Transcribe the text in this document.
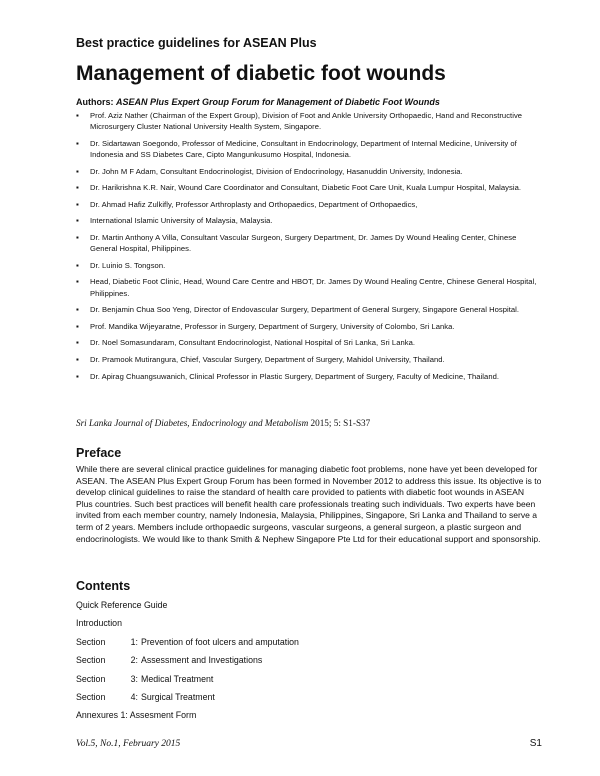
Best practice guidelines for ASEAN Plus
Management of diabetic foot wounds
Authors: ASEAN Plus Expert Group Forum for Management of Diabetic Foot Wounds
▪ Prof. Aziz Nather (Chairman of the Expert Group), Division of Foot and Ankle University Orthopaedic, Hand and Reconstructive Microsurgery Cluster National University Health System, Singapore.
▪ Dr. Sidartawan Soegondo, Professor of Medicine, Consultant in Endocrinology, Department of Internal Medicine, University of Indonesia and SS Diabetes Care, Cipto Mangunkusumo Hospital, Indonesia.
▪ Dr. John M F Adam, Consultant Endocrinologist, Division of Endocrinology, Hasanuddin University, Indonesia.
▪ Dr. Harikrishna K.R. Nair, Wound Care Coordinator and Consultant, Diabetic Foot Care Unit, Kuala Lumpur Hospital, Malaysia.
▪ Dr. Ahmad Hafiz Zulkifly, Professor Arthroplasty and Orthopaedics, Department of Orthopaedics,
▪ International Islamic University of Malaysia, Malaysia.
▪ Dr. Martin Anthony A Villa, Consultant Vascular Surgeon, Surgery Department, Dr. James Dy Wound Healing Center, Chinese General Hospital, Philippines.
▪ Dr. Luinio S. Tongson.
▪ Head, Diabetic Foot Clinic, Head, Wound Care Centre and HBOT, Dr. James Dy Wound Healing Centre, Chinese General Hospital, Philippines.
▪ Dr. Benjamin Chua Soo Yeng, Director of Endovascular Surgery, Department of General Surgery, Singapore General Hospital.
▪ Prof. Mandika Wijeyaratne, Professor in Surgery, Department of Surgery, University of Colombo, Sri Lanka.
▪ Dr. Noel Somasundaram, Consultant Endocrinologist, National Hospital of Sri Lanka, Sri Lanka.
▪ Dr. Pramook Mutirangura, Chief, Vascular Surgery, Department of Surgery, Mahidol University, Thailand.
▪ Dr. Apirag Chuangsuwanich, Clinical Professor in Plastic Surgery, Department of Surgery, Faculty of Medicine, Thailand.
Sri Lanka Journal of Diabetes, Endocrinology and Metabolism 2015; 5: S1-S37
Preface
While there are several clinical practice guidelines for managing diabetic foot problems, none have yet been developed for ASEAN. The ASEAN Plus Expert Group Forum has been formed in November 2012 to address this issue. Its objective is to develop clinical guidelines to raise the standard of health care provided to patients with diabetic foot wounds in ASEAN Plus countries. Such best practices will benefit health care professionals treating such individuals. Two experts have been invited from each member country, namely Indonesia, Malaysia, Philippines, Singapore, Sri Lanka and Thailand to serve a term of 2 years. Members include orthopaedic surgeons, vascular surgeons, a general surgeon, a plastic surgeon and endocrinologists. We would like to thank Smith & Nephew Singapore Pte Ltd for their educational support and sponsorship.
Contents
Quick Reference Guide
Introduction
Section	1: Prevention of foot ulcers and amputation
Section	2: Assessment and Investigations
Section	3: Medical Treatment
Section	4: Surgical Treatment
Annexures 1: Assesment Form
Vol.5, No.1, February 2015	S1
